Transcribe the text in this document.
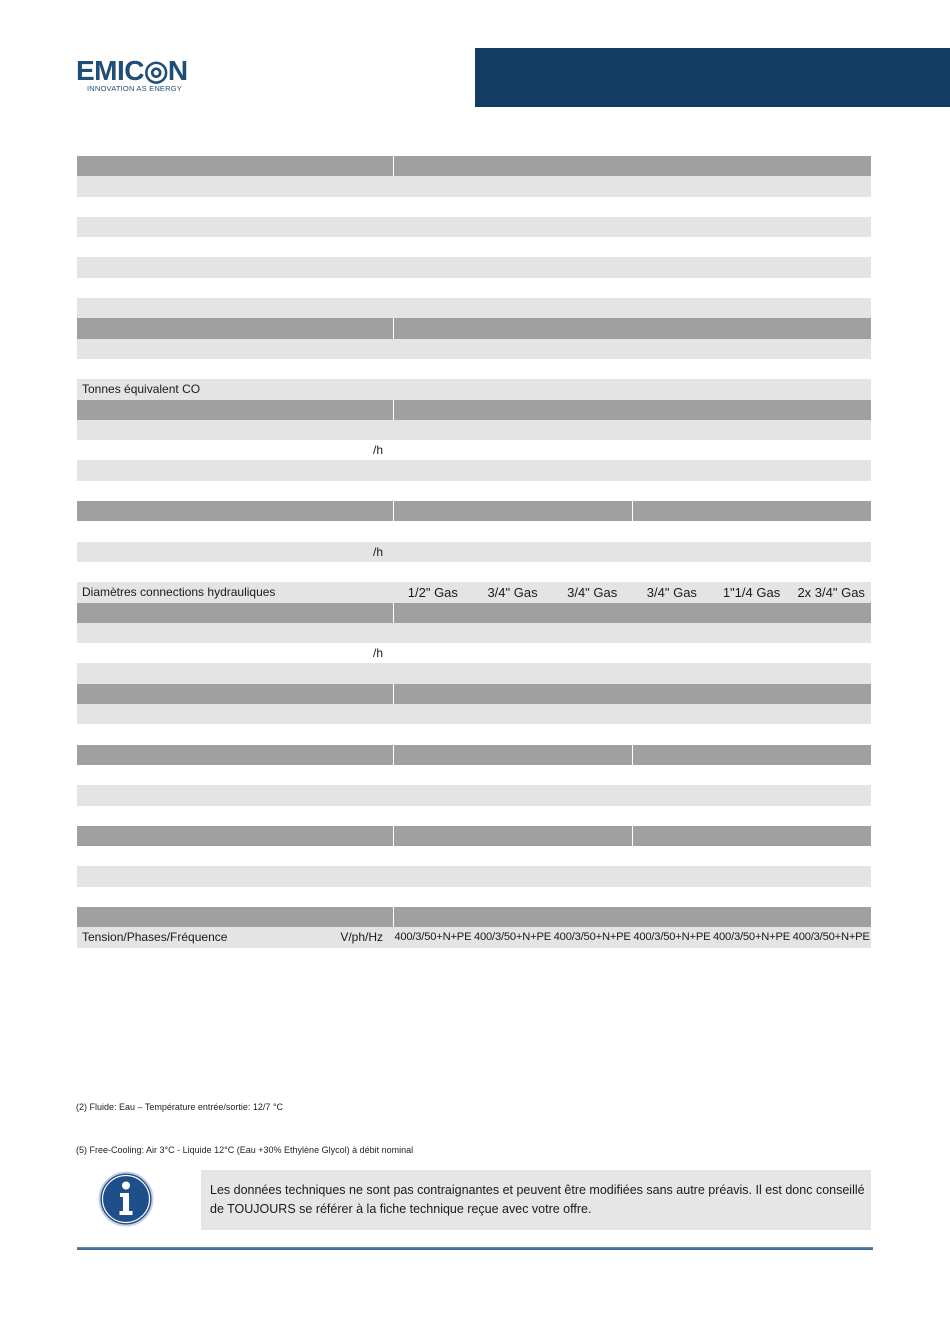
EMIC◎N
INNOVATION AS ENERGY
Tonnes équivalent CO
/h
/h
Diamètres connections hydrauliques	1/2" Gas	3/4" Gas	3/4" Gas	3/4" Gas	1"1/4 Gas	2x 3/4" Gas
/h
Tension/Phases/Fréquence	V/ph/Hz 400/3/50+N+PE 400/3/50+N+PE 400/3/50+N+PE 400/3/50+N+PE 400/3/50+N+PE 400/3/50+N+PE
(2) Fluide: Eau – Température entrée/sortie: 12/7 °C
(5) Free-Cooling: Air 3°C - Liquide 12°C (Eau +30% Ethylène Glycol) à débit nominal
Les données techniques ne sont pas contraignantes et peuvent être modifiées sans autre préavis. Il est donc conseillé de TOUJOURS se référer à la fiche technique reçue avec votre offre.
